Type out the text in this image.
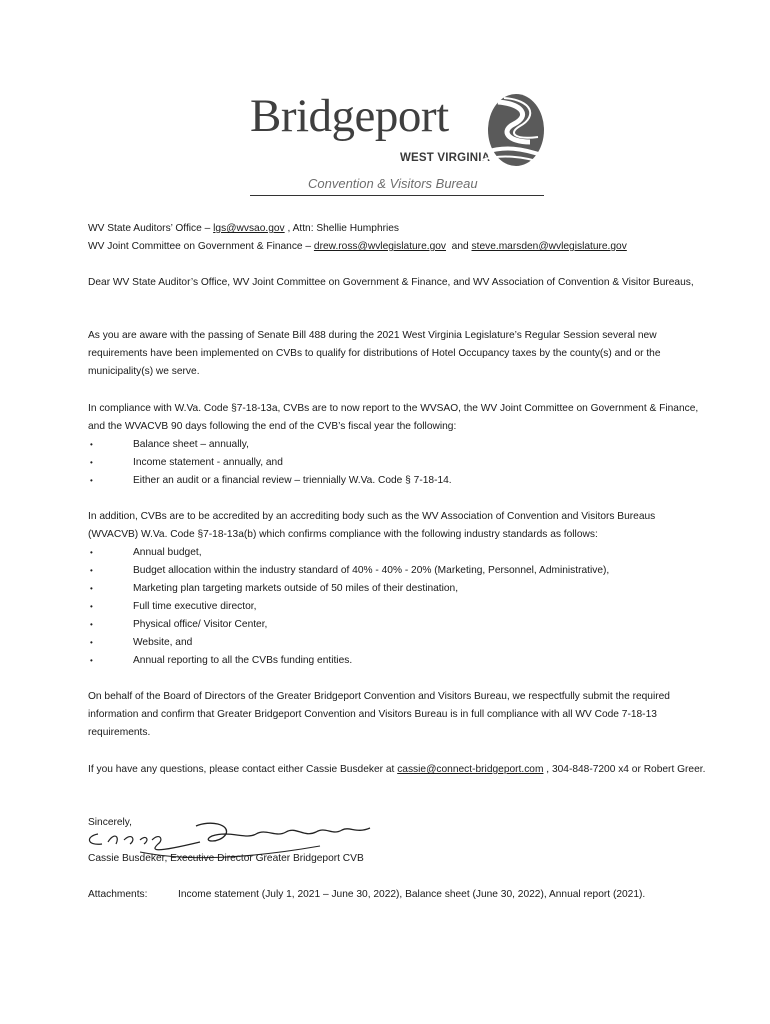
Bridgeport
WEST VIRGINIA
Convention & Visitors Bureau

WV State Auditors’ Office – lgs@wvsao.gov , Attn: Shellie Humphries

WV Joint Committee on Government & Finance – drew.ross@wvlegislature.gov  and steve.marsden@wvlegislature.gov

Dear WV State Auditor’s Office, WV Joint Committee on Government & Finance, and WV Association of Convention & Visitor Bureaus,

As you are aware with the passing of Senate Bill 488 during the 2021 West Virginia Legislature’s Regular Session several new requirements have been implemented on CVBs to qualify for distributions of Hotel Occupancy taxes by the county(s) and or the municipality(s) we serve.

In compliance with W.Va. Code §7-18-13a, CVBs are to now report to the WVSAO, the WV Joint Committee on Government & Finance, and the WVACVB 90 days following the end of the CVB’s fiscal year the following:

•	Balance sheet – annually,
•	Income statement - annually, and
•	Either an audit or a financial review – triennially W.Va. Code § 7-18-14.

In addition, CVBs are to be accredited by an accrediting body such as the WV Association of Convention and Visitors Bureaus (WVACVB) W.Va. Code §7-18-13a(b) which confirms compliance with the following industry standards as follows:

•	Annual budget,
•	Budget allocation within the industry standard of 40% - 40% - 20% (Marketing, Personnel, Administrative),
•	Marketing plan targeting markets outside of 50 miles of their destination,
•	Full time executive director,
•	Physical office/ Visitor Center,
•	Website, and
•	Annual reporting to all the CVBs funding entities.

On behalf of the Board of Directors of the Greater Bridgeport Convention and Visitors Bureau, we respectfully submit the required information and confirm that Greater Bridgeport Convention and Visitors Bureau is in full compliance with all WV Code 7-18-13 requirements.

If you have any questions, please contact either Cassie Busdeker at cassie@connect-bridgeport.com , 304-848-7200 x4 or Robert Greer.

Sincerely,
Cassie Busdeker, Executive Director Greater Bridgeport CVB
Attachments:	Income statement (July 1, 2021 – June 30, 2022), Balance sheet (June 30, 2022), Annual report (2021).
